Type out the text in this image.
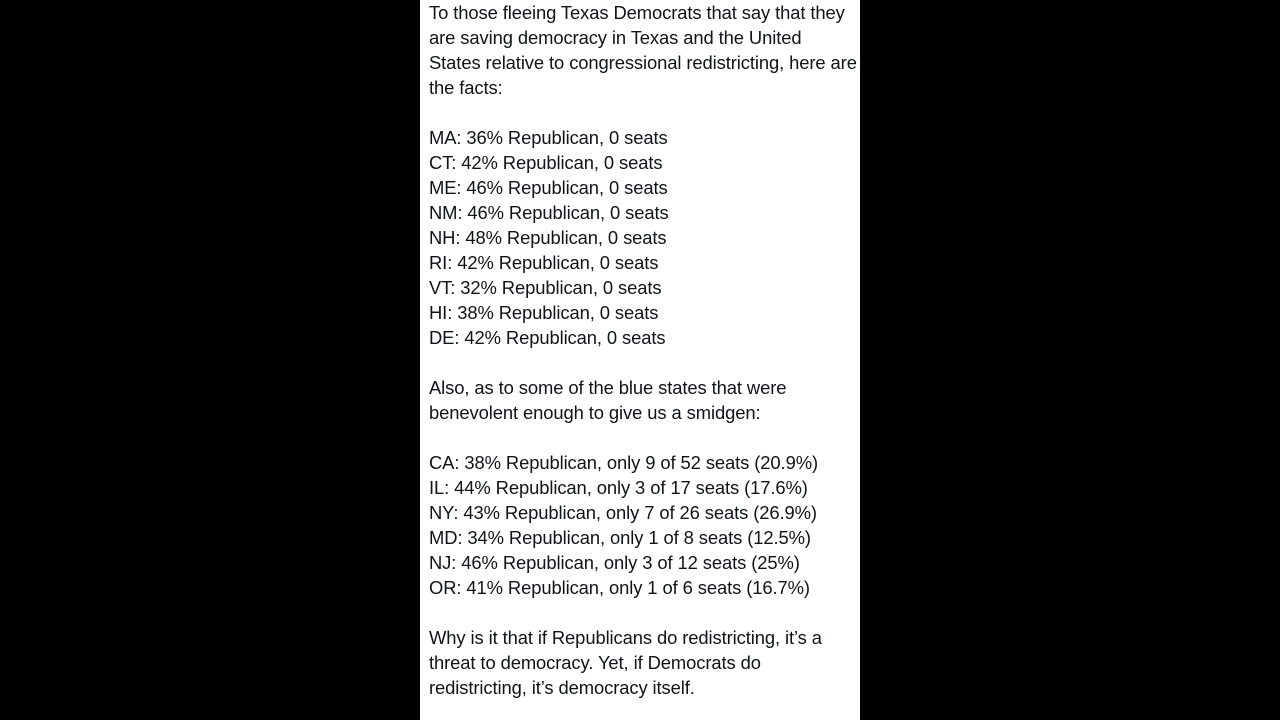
To those fleeing Texas Democrats that say that they are saving democracy in Texas and the United States relative to congressional redistricting, here are the facts:
MA: 36% Republican, 0 seats
CT: 42% Republican, 0 seats
ME: 46% Republican, 0 seats
NM: 46% Republican, 0 seats
NH: 48% Republican, 0 seats
RI: 42% Republican, 0 seats
VT: 32% Republican, 0 seats
HI: 38% Republican, 0 seats
DE: 42% Republican, 0 seats
Also, as to some of the blue states that were benevolent enough to give us a smidgen:
CA: 38% Republican, only 9 of 52 seats (20.9%)
IL: 44% Republican, only 3 of 17 seats (17.6%)
NY: 43% Republican, only 7 of 26 seats (26.9%)
MD: 34% Republican, only 1 of 8 seats (12.5%)
NJ: 46% Republican, only 3 of 12 seats (25%)
OR: 41% Republican, only 1 of 6 seats (16.7%)
Why is it that if Republicans do redistricting, it’s a threat to democracy. Yet, if Democrats do redistricting, it’s democracy itself.
